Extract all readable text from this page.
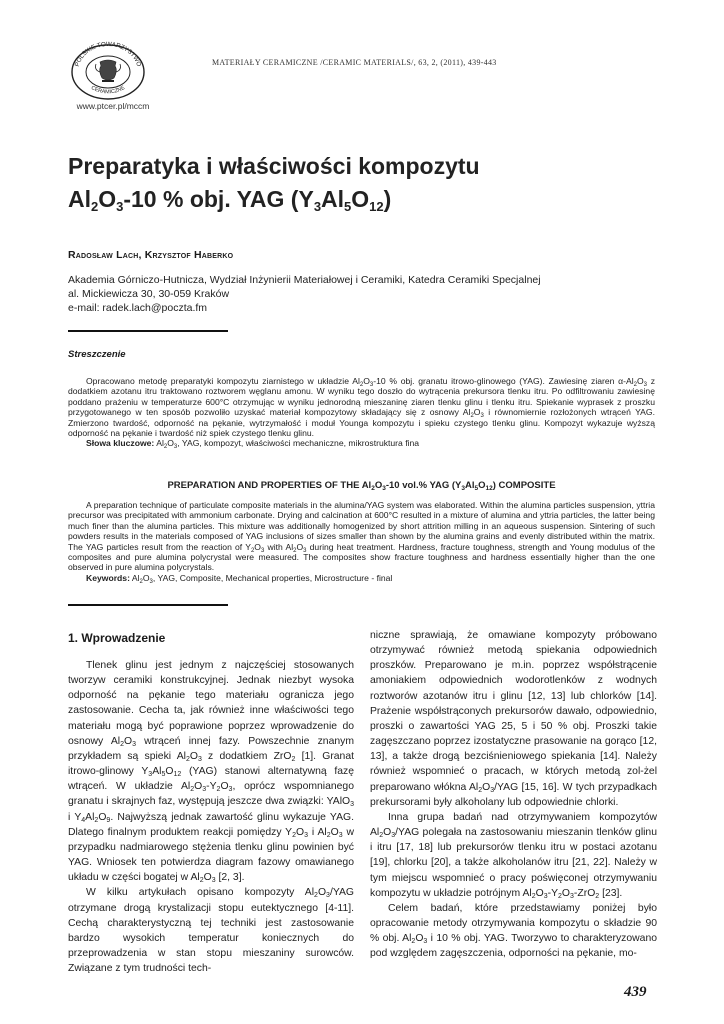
POLSKIE TOWARZYSTWO
CERAMICZNE
www.ptcer.pl/mccm
MATERIAŁY CERAMICZNE /CERAMIC MATERIALS/, 63, 2, (2011), 439-443
Preparatyka i właściwości kompozytu
$Al_2O_3-10$ % obj. YAG $(Y_3Al_5O_{12})$
Radosław Lach, Krzysztof Haberko
Akademia Górniczo-Hutnicza, Wydział Inżynierii Materiałowej i Ceramiki, Katedra Ceramiki Specjalnej
al. Mickiewicza 30, 30-059 Kraków
e-mail: radek.lach@poczta.fm
Streszczenie
Opracowano metodę preparatyki kompozytu ziarnistego w układzie $Al_2O_3-10$ % obj. granatu itrowo-glinowego (YAG). Zawiesinę ziaren $\alpha-Al_2O_3$ z dodatkiem azotanu itru traktowano roztworem węglanu amonu. W wyniku tego doszło do wytrącenia prekursora tlenku itru. Po odfiltrowaniu zawiesinę poddano prażeniu w temperaturze 600°C otrzymując w wyniku jednorodną mieszaninę ziaren tlenku glinu i tlenku itru. Spiekanie wyprasek z proszku przygotowanego w ten sposób pozwoliło uzyskać materiał kompozytowy składający się z osnowy $Al_2O_3$ i równomiernie rozłożonych wtrąceń YAG. Zmierzono twardość, odporność na pękanie, wytrzymałość i moduł Younga kompozytu i spieku czystego tlenku glinu. Kompozyt wykazuje wyższą odporność na pękanie i twardość niż spiek czystego tlenku glinu.
Słowa kluczowe: $Al_2O_3$, YAG, kompozyt, właściwości mechaniczne, mikrostruktura fina
PREPARATION AND PROPERTIES OF THE $Al_2O_3-10$ vol.% YAG $(Y_3Al_5O_{12})$ COMPOSITE
A preparation technique of particulate composite materials in the alumina/YAG system was elaborated. Within the alumina particles suspension, yttria precursor was precipitated with ammonium carbonate. Drying and calcination at 600°C resulted in a mixture of alumina and yttria particles, the latter being much finer than the alumina particles. This mixture was additionally homogenized by short attrition milling in an aqueous suspension. Sintering of such powders results in the materials composed of YAG inclusions of sizes smaller than shown by the alumina grains and evenly distributed within the matrix. The YAG particles result from the reaction of $Y_2O_3$ with $Al_2O_3$ during heat treatment. Hardness, fracture toughness, strength and Young modulus of the composites and pure alumina polycrystal were measured. The composites show fracture toughness and hardness essentially higher than the one observed in pure alumina polycrystals.
Keywords: $Al_2O_3$, YAG, Composite, Mechanical properties, Microstructure - final
1. Wprowadzenie

Tlenek glinu jest jednym z najczęściej stosowanych tworzyw ceramiki konstrukcyjnej. Jednak niezbyt wysoka odporność na pękanie tego materiału ogranicza jego zastosowanie. Cecha ta, jak również inne właściwości tego materiału mogą być poprawione poprzez wprowadzenie do osnowy $Al_2O_3$ wtrąceń innej fazy. Powszechnie znanym przykładem są spieki $Al_2O_3$ z dodatkiem ZrO$_2$ [1]. Granat itrowo-glinowy $Y_3Al_5O_{12}$ (YAG) stanowi alternatywną fazę wtrąceń. W układzie $Al_2O_3-Y_2O_3$, oprócz wspomnianego granatu i skrajnych faz, występują jeszcze dwa związki: YAlO$_3$ i $Y_4Al_2O_9$. Najwyższą jednak zawartość glinu wykazuje YAG. Dlatego finalnym produktem reakcji pomiędzy $Y_2O_3$ i $Al_2O_3$ w przypadku nadmiarowego stężenia tlenku glinu powinien być YAG. Wniosek ten potwierdza diagram fazowy omawianego układu w części bogatej w $Al_2O_3$ [2, 3].

W kilku artykułach opisano kompozyty $Al_2O_3$/YAG otrzymane drogą krystalizacji stopu eutektycznego [4-11]. Cechą charakterystyczną tej techniki jest zastosowanie bardzo wysokich temperatur koniecznych do przeprowadzenia w stan stopu mieszaniny surowców. Związane z tym trudności tech-

niczne sprawiają, że omawiane kompozyty próbowano otrzymywać również metodą spiekania odpowiednich proszków. Preparowano je m.in. poprzez współstrącenie amoniakiem odpowiednich wodorotlenków z wodnych roztworów azotanów itru i glinu [12, 13] lub chlorków [14]. Prażenie współstrąconych prekursorów dawało, odpowiednio, proszki o zawartości YAG 25, 5 i 50 % obj. Proszki takie zagęszczano poprzez izostatyczne prasowanie na gorąco [12, 13], a także drogą bezciśnieniowego spiekania [14]. Należy również wspomnieć o pracach, w których metodą zol-żel preparowano włókna $Al_2O_3$/YAG [15, 16]. W tych przypadkach prekursorami były alkoholany lub odpowiednie chlorki.

Inna grupa badań nad otrzymywaniem kompozytów $Al_2O_3$/YAG polegała na zastosowaniu mieszanin tlenków glinu i itru [17, 18] lub prekursorów tlenku itru w postaci azotanu [19], chlorku [20], a także alkoholanów itru [21, 22]. Należy w tym miejscu wspomnieć o pracy poświęconej otrzymywaniu kompozytu w układzie potrójnym $Al_2O_3-Y_2O_3-ZrO_2$ [23].

Celem badań, które przedstawiamy poniżej było opracowanie metody otrzymywania kompozytu o składzie 90 % obj. $Al_2O_3$ i 10 % obj. YAG. Tworzywo to charakteryzowano pod względem zagęszczenia, odporności na pękanie, mo-

439
